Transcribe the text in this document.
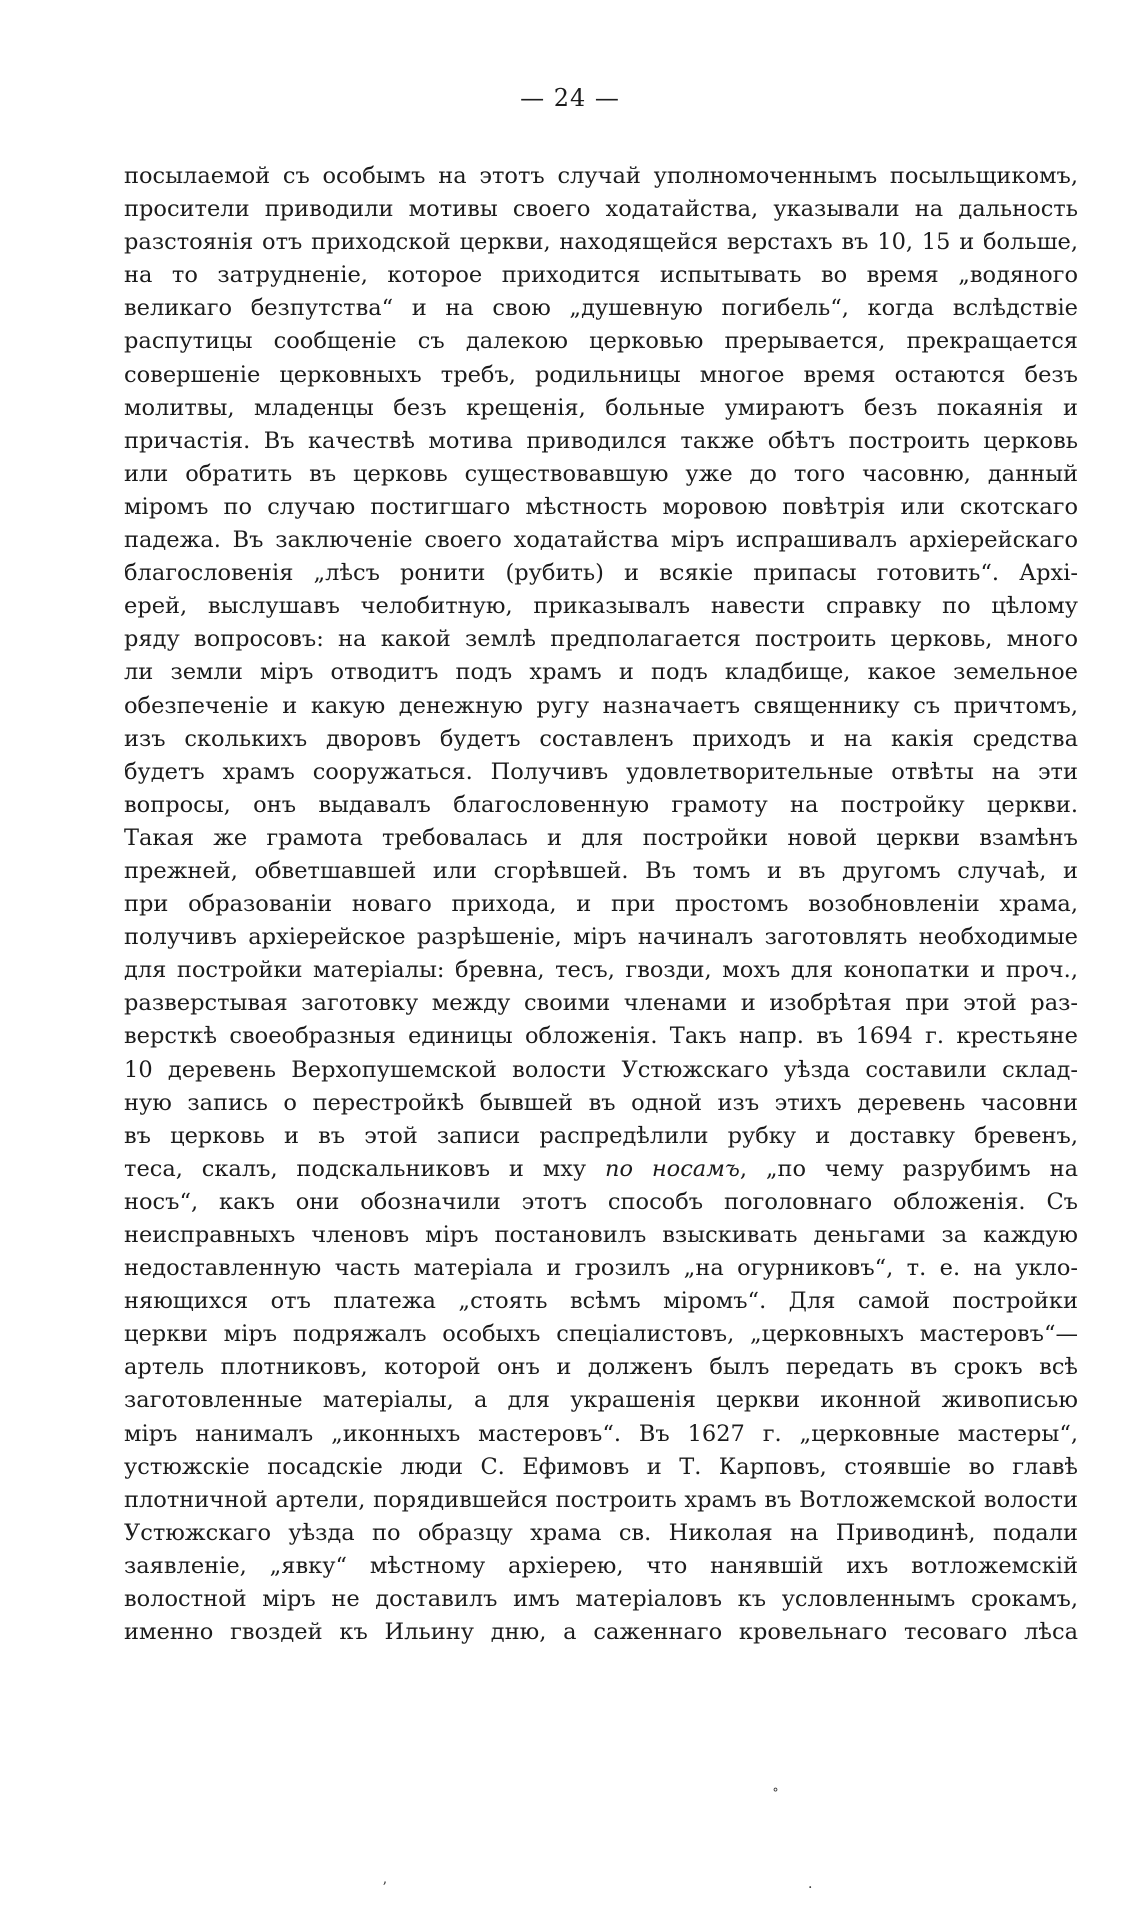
— 24 —
посылаемой съ особымъ на этотъ случай уполномоченнымъ посыльщикомъ,
просители приводили мотивы своего ходатайства, указывали на дальность
разстоянія отъ приходской церкви, находящейся верстахъ въ 10, 15 и больше,
на то затрудненіе, которое приходится испытывать во время „водяного
великаго безпутства“ и на свою „душевную погибель“, когда вслѣдствіе
распутицы сообщеніе съ далекою церковью прерывается, прекращается
совершеніе церковныхъ требъ, родильницы многое время остаются безъ
молитвы, младенцы безъ крещенія, больные умираютъ безъ покаянія и
причастія. Въ качествѣ мотива приводился также обѣтъ построить церковь
или обратить въ церковь существовавшую уже до того часовню, данный
міромъ по случаю постигшаго мѣстность моровою повѣтрія или скотскаго
падежа. Въ заключеніе своего ходатайства міръ испрашивалъ архіерейскаго
благословенія „лѣсъ ронити (рубить) и всякіе припасы готовить“. Архі-
ерей, выслушавъ челобитную, приказывалъ навести справку по цѣлому
ряду вопросовъ: на какой землѣ предполагается построить церковь, много
ли земли міръ отводитъ подъ храмъ и подъ кладбище, какое земельное
обезпеченіе и какую денежную ругу назначаетъ священнику съ причтомъ,
изъ сколькихъ дворовъ будетъ составленъ приходъ и на какія средства
будетъ храмъ сооружаться. Получивъ удовлетворительные отвѣты на эти
вопросы, онъ выдавалъ благословенную грамоту на постройку церкви.
Такая же грамота требовалась и для постройки новой церкви взамѣнъ
прежней, обветшавшей или сгорѣвшей. Въ томъ и въ другомъ случаѣ, и
при образованіи новаго прихода, и при простомъ возобновленіи храма,
получивъ архіерейское разрѣшеніе, міръ начиналъ заготовлять необходимые
для постройки матеріалы: бревна, тесъ, гвозди, мохъ для конопатки и проч.,
разверстывая заготовку между своими членами и изобрѣтая при этой раз-
версткѣ своеобразныя единицы обложенія. Такъ напр. въ 1694 г. крестьяне
10 деревень Верхопушемской волости Устюжскаго уѣзда составили склад-
ную запись о перестройкѣ бывшей въ одной изъ этихъ деревень часовни
въ церковь и въ этой записи распредѣлили рубку и доставку бревенъ,
теса, скалъ, подскальниковъ и мху по носамъ, „по чему разрубимъ на
носъ“, какъ они обозначили этотъ способъ поголовнаго обложенія. Съ
неисправныхъ членовъ міръ постановилъ взыскивать деньгами за каждую
недоставленную часть матеріала и грозилъ „на огурниковъ“, т. е. на укло-
няющихся отъ платежа „стоять всѣмъ міромъ“. Для самой постройки
церкви міръ подряжалъ особыхъ спеціалистовъ, „церковныхъ мастеровъ“—
артель плотниковъ, которой онъ и долженъ былъ передать въ срокъ всѣ
заготовленные матеріалы, а для украшенія церкви иконной живописью
міръ нанималъ „иконныхъ мастеровъ“. Въ 1627 г. „церковные мастеры“,
устюжскіе посадскіе люди С. Ефимовъ и Т. Карповъ, стоявшіе во главѣ
плотничной артели, порядившейся построить храмъ въ Вотложемской волости
Устюжскаго уѣзда по образцу храма св. Николая на Приводинѣ, подали
заявленіе, „явку“ мѣстному архіерею, что нанявшій ихъ вотложемскій
волостной міръ не доставилъ имъ матеріаловъ къ условленнымъ срокамъ,
именно гвоздей къ Ильину дню, а саженнаго кровельнаго тесоваго лѣса
˚
ʼ	·
